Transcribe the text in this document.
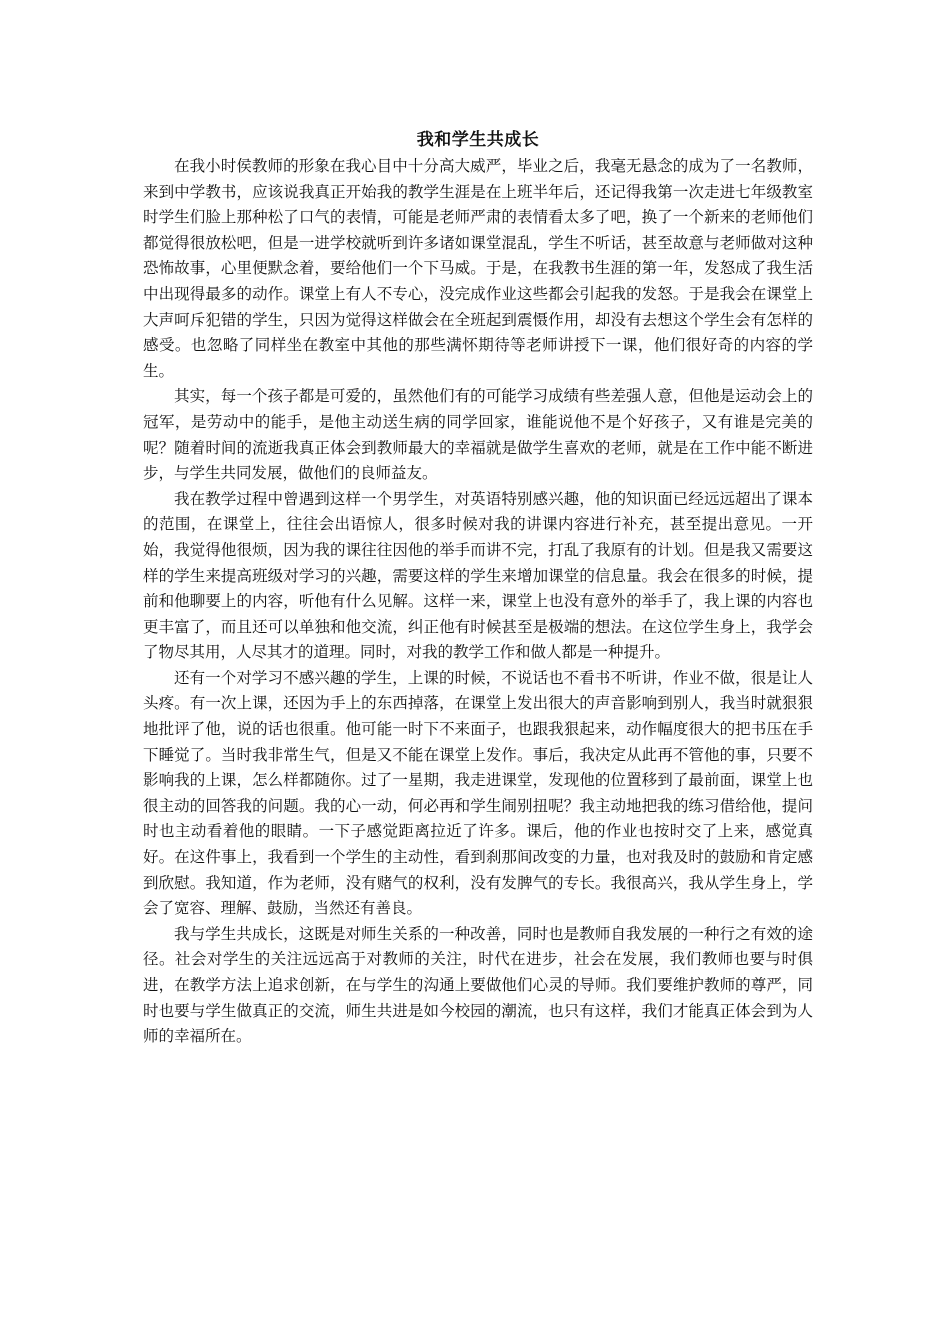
我和学生共成长

在我小时侯教师的形象在我心目中十分高大威严，毕业之后，我毫无悬念的成为了一名教师，来到中学教书，应该说我真正开始我的教学生涯是在上班半年后，还记得我第一次走进七年级教室时学生们脸上那种松了口气的表情，可能是老师严肃的表情看太多了吧，换了一个新来的老师他们都觉得很放松吧，但是一进学校就听到许多诸如课堂混乱，学生不听话，甚至故意与老师做对这种恐怖故事，心里便默念着，要给他们一个下马威。于是，在我教书生涯的第一年，发怒成了我生活中出现得最多的动作。课堂上有人不专心，没完成作业这些都会引起我的发怒。于是我会在课堂上大声呵斥犯错的学生，只因为觉得这样做会在全班起到震慑作用，却没有去想这个学生会有怎样的感受。也忽略了同样坐在教室中其他的那些满怀期待等老师讲授下一课，他们很好奇的内容的学生。

其实，每一个孩子都是可爱的，虽然他们有的可能学习成绩有些差强人意，但他是运动会上的冠军，是劳动中的能手，是他主动送生病的同学回家，谁能说他不是个好孩子，又有谁是完美的呢？随着时间的流逝我真正体会到教师最大的幸福就是做学生喜欢的老师，就是在工作中能不断进步，与学生共同发展，做他们的良师益友。

我在教学过程中曾遇到这样一个男学生，对英语特别感兴趣，他的知识面已经远远超出了课本的范围，在课堂上，往往会出语惊人，很多时候对我的讲课内容进行补充，甚至提出意见。一开始，我觉得他很烦，因为我的课往往因他的举手而讲不完，打乱了我原有的计划。但是我又需要这样的学生来提高班级对学习的兴趣，需要这样的学生来增加课堂的信息量。我会在很多的时候，提前和他聊要上的内容，听他有什么见解。这样一来，课堂上也没有意外的举手了，我上课的内容也更丰富了，而且还可以单独和他交流，纠正他有时候甚至是极端的想法。在这位学生身上，我学会了物尽其用，人尽其才的道理。同时，对我的教学工作和做人都是一种提升。

还有一个对学习不感兴趣的学生，上课的时候，不说话也不看书不听讲，作业不做，很是让人头疼。有一次上课，还因为手上的东西掉落，在课堂上发出很大的声音影响到别人，我当时就狠狠地批评了他，说的话也很重。他可能一时下不来面子，也跟我狠起来，动作幅度很大的把书压在手下睡觉了。当时我非常生气，但是又不能在课堂上发作。事后，我决定从此再不管他的事，只要不影响我的上课，怎么样都随你。过了一星期，我走进课堂，发现他的位置移到了最前面，课堂上也很主动的回答我的问题。我的心一动，何必再和学生闹别扭呢？我主动地把我的练习借给他，提问时也主动看着他的眼睛。一下子感觉距离拉近了许多。课后，他的作业也按时交了上来，感觉真好。在这件事上，我看到一个学生的主动性，看到刹那间改变的力量，也对我及时的鼓励和肯定感到欣慰。我知道，作为老师，没有赌气的权利，没有发脾气的专长。我很高兴，我从学生身上，学会了宽容、理解、鼓励，当然还有善良。

我与学生共成长，这既是对师生关系的一种改善，同时也是教师自我发展的一种行之有效的途径。社会对学生的关注远远高于对教师的关注，时代在进步，社会在发展，我们教师也要与时俱进，在教学方法上追求创新，在与学生的沟通上要做他们心灵的导师。我们要维护教师的尊严，同时也要与学生做真正的交流，师生共进是如今校园的潮流，也只有这样，我们才能真正体会到为人师的幸福所在。
